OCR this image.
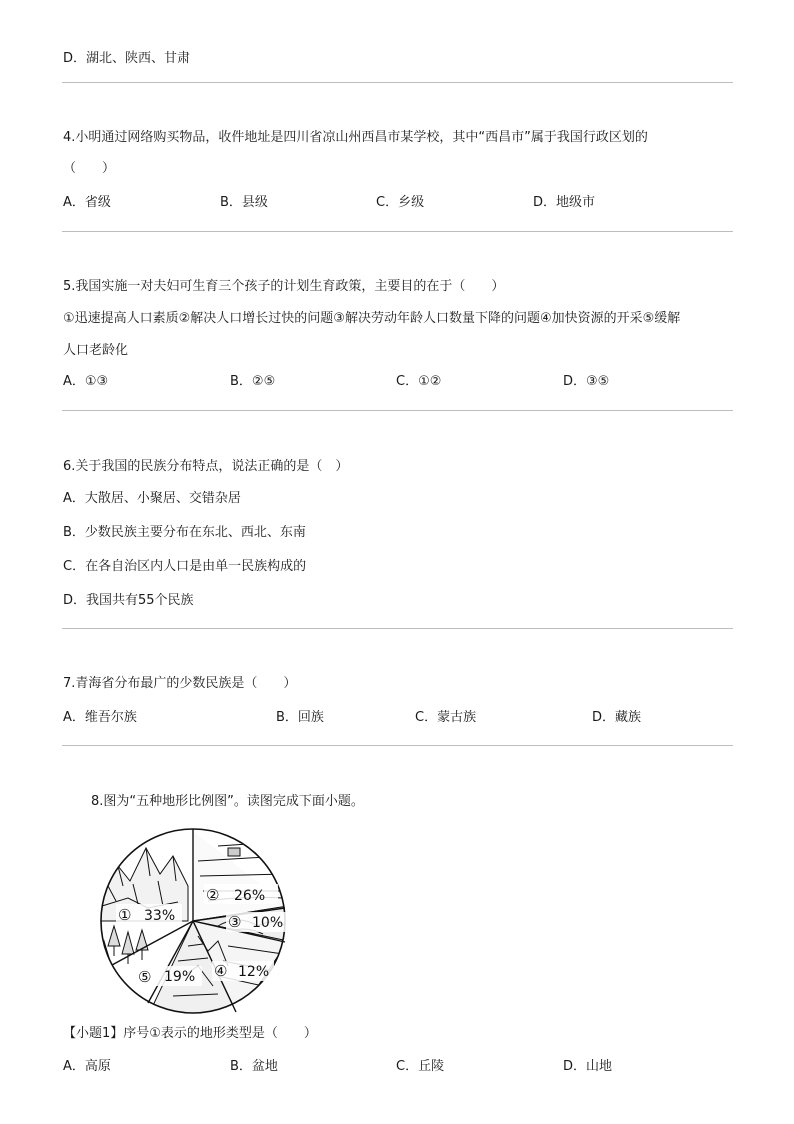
D．湖北、陕西、甘肃
4.小明通过网络购买物品，收件地址是四川省凉山州西昌市某学校，其中“西昌市”属于我国行政区划的
（　　）
A．省级	B．县级	C．乡级	D．地级市
5.我国实施一对夫妇可生育三个孩子的计划生育政策，主要目的在于（　　）
①迅速提高人口素质②解决人口增长过快的问题③解决劳动年龄人口数量下降的问题④加快资源的开采⑤缓解
人口老龄化
A．①③	B．②⑤	C．①②	D．③⑤
6.关于我国的民族分布特点，说法正确的是（　）
A．大散居、小聚居、交错杂居
B．少数民族主要分布在东北、西北、东南
C．在各自治区内人口是由单一民族构成的
D．我国共有55个民族
7.青海省分布最广的少数民族是（　　）
A．维吾尔族	B．回族	C．蒙古族	D．藏族
8.图为“五种地形比例图”。读图完成下面小题。
① 33%
② 26%
③ 10%
④ 12%
⑤ 19%
【小题1】序号①表示的地形类型是（　　）
A．高原	B．盆地	C．丘陵	D．山地
